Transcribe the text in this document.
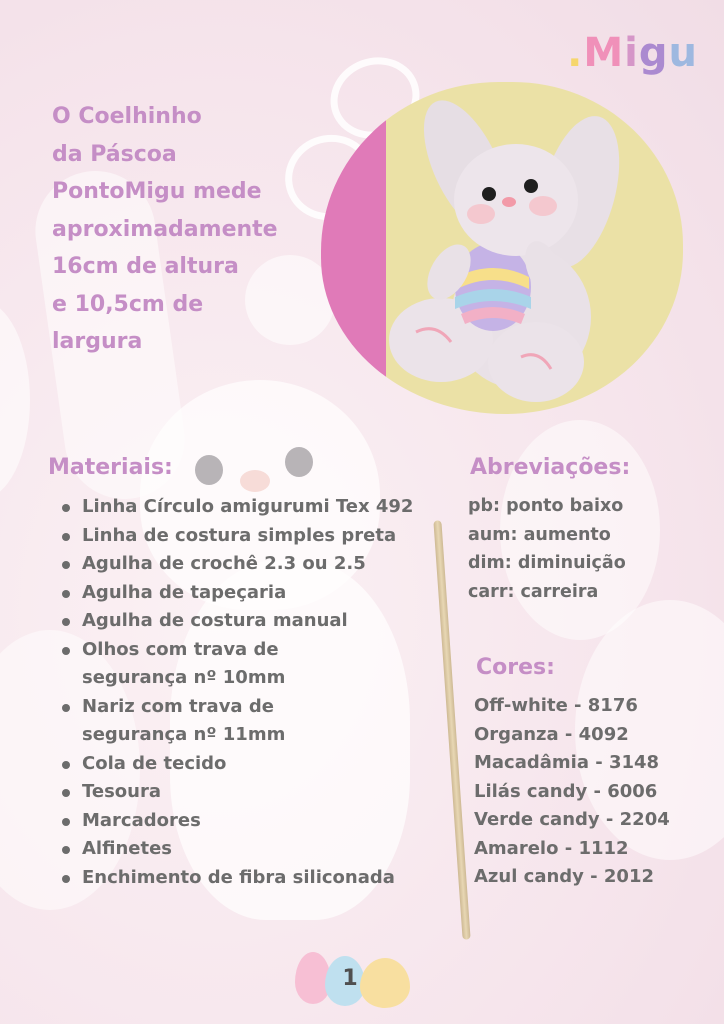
.Migu
O Coelhinho
da Páscoa
PontoMigu mede
aproximadamente
16cm de altura
e 10,5cm de
largura
Materiais:
Linha Círculo amigurumi Tex 492
Linha de costura simples preta
Agulha de crochê 2.3 ou 2.5
Agulha de tapeçaria
Agulha de costura manual
Olhos com trava de
segurança nº 10mm
Nariz com trava de
segurança nº 11mm
Cola de tecido
Tesoura
Marcadores
Alfinetes
Enchimento de fibra siliconada
Abreviações:
pb: ponto baixo
aum: aumento
dim: diminuição
carr: carreira
Cores:
Off-white - 8176
Organza - 4092
Macadâmia - 3148
Lilás candy - 6006
Verde candy - 2204
Amarelo - 1112
Azul candy - 2012
1
